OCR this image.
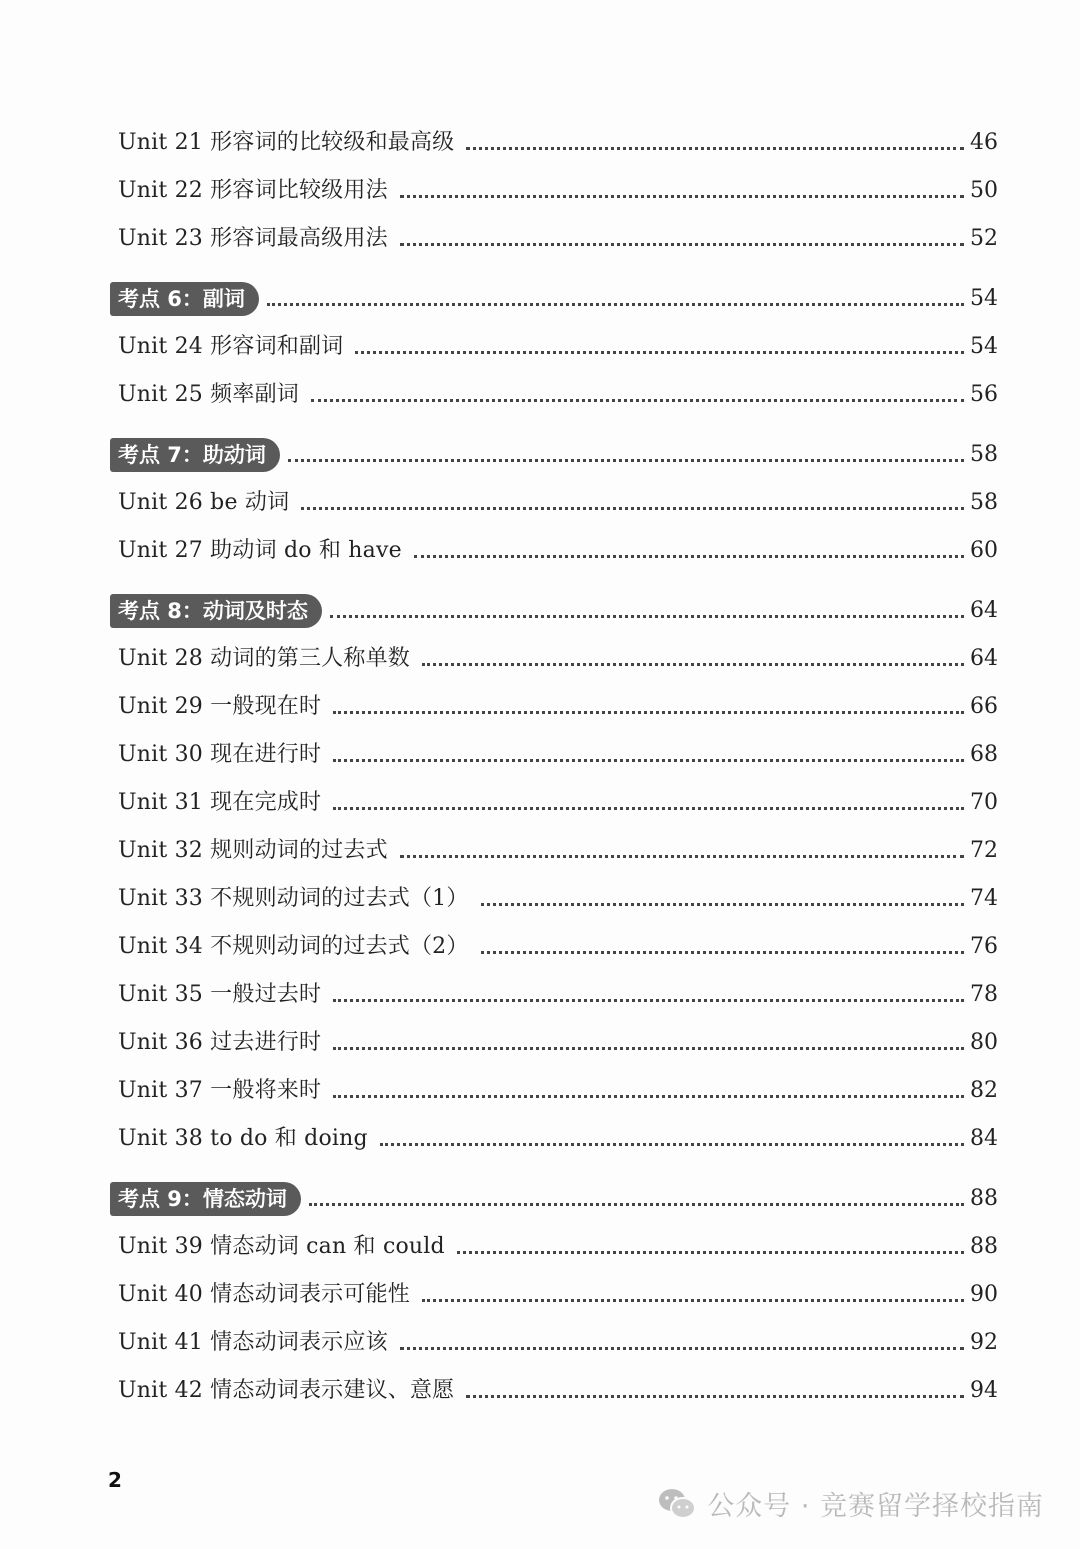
Unit 21 形容词的比较级和最高级	46
Unit 22 形容词比较级用法	50
Unit 23 形容词最高级用法	52
考点 6：副词	54
Unit 24 形容词和副词	54
Unit 25 频率副词	56
考点 7：助动词	58
Unit 26 be 动词	58
Unit 27 助动词 do 和 have	60
考点 8：动词及时态	64
Unit 28 动词的第三人称单数	64
Unit 29 一般现在时	66
Unit 30 现在进行时	68
Unit 31 现在完成时	70
Unit 32 规则动词的过去式	72
Unit 33 不规则动词的过去式（1）	74
Unit 34 不规则动词的过去式（2）	76
Unit 35 一般过去时	78
Unit 36 过去进行时	80
Unit 37 一般将来时	82
Unit 38 to do 和 doing	84
考点 9：情态动词	88
Unit 39 情态动词 can 和 could	88
Unit 40 情态动词表示可能性	90
Unit 41 情态动词表示应该	92
Unit 42 情态动词表示建议、意愿	94
2
公众号 · 竞赛留学择校指南
